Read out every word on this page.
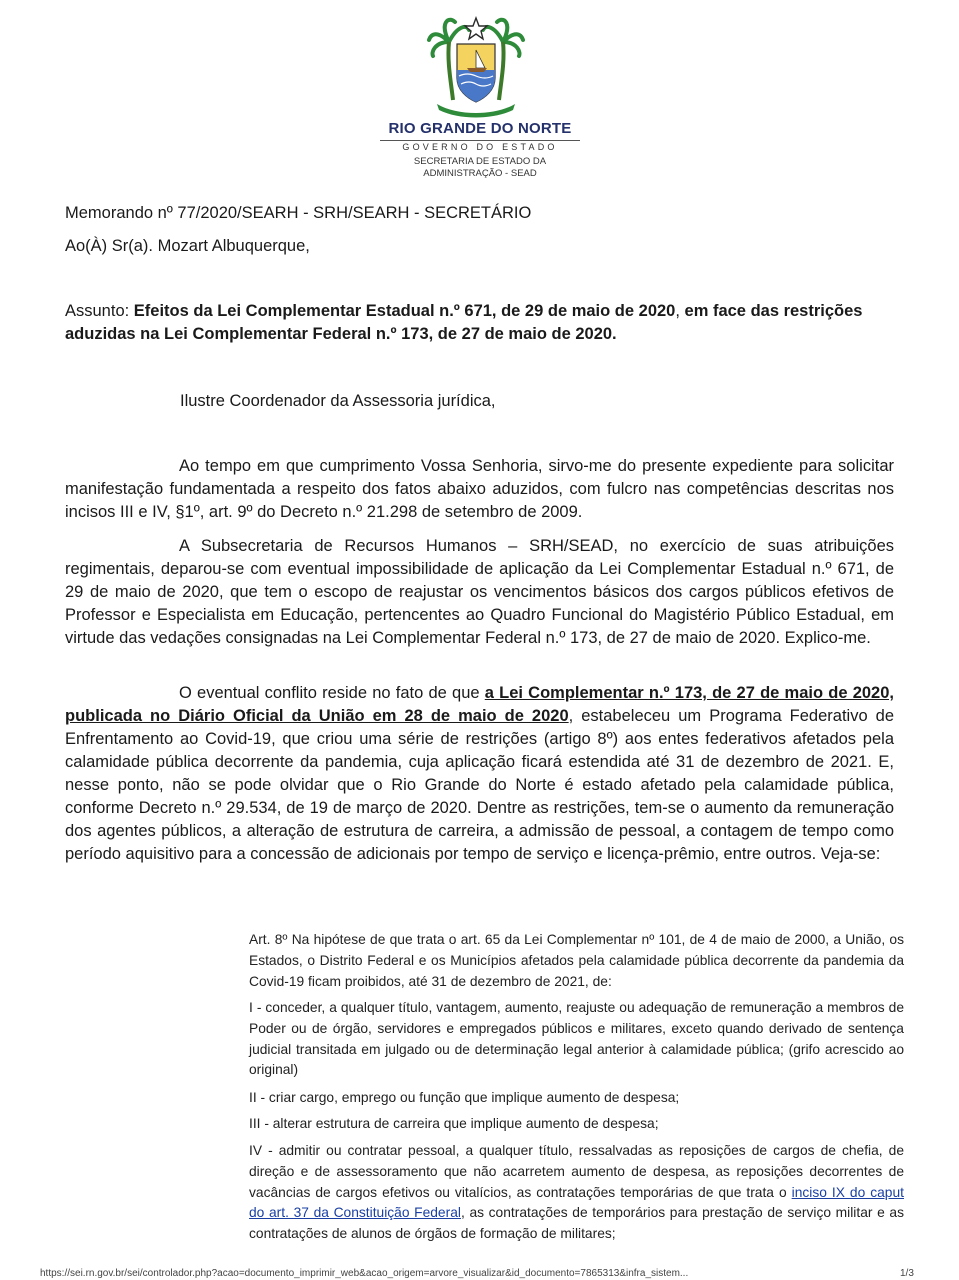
RIO GRANDE DO NORTE
GOVERNO DO ESTADO
SECRETARIA DE ESTADO DA
ADMINISTRAÇÃO - SEAD
Memorando nº 77/2020/SEARH - SRH/SEARH - SECRETÁRIO
Ao(À) Sr(a). Mozart Albuquerque,
Assunto: Efeitos da Lei Complementar Estadual n.º 671, de 29 de maio de 2020, em face das restrições
aduzidas na Lei Complementar Federal n.º 173, de 27 de maio de 2020.
Ilustre Coordenador da Assessoria jurídica,
Ao tempo em que cumprimento Vossa Senhoria, sirvo-me do presente expediente para solicitar manifestação fundamentada a respeito dos fatos abaixo aduzidos, com fulcro nas competências descritas nos incisos III e IV, §1º, art. 9º do Decreto n.º 21.298 de setembro de 2009.
A Subsecretaria de Recursos Humanos – SRH/SEAD, no exercício de suas atribuições regimentais, deparou-se com eventual impossibilidade de aplicação da Lei Complementar Estadual n.º 671, de 29 de maio de 2020, que tem o escopo de reajustar os vencimentos básicos dos cargos públicos efetivos de Professor e Especialista em Educação, pertencentes ao Quadro Funcional do Magistério Público Estadual, em virtude das vedações consignadas na Lei Complementar Federal n.º 173, de 27 de maio de 2020. Explico-me.
O eventual conflito reside no fato de que a Lei Complementar n.º 173, de 27 de maio de 2020, publicada no Diário Oficial da União em 28 de maio de 2020, estabeleceu um Programa Federativo de Enfrentamento ao Covid-19, que criou uma série de restrições (artigo 8º) aos entes federativos afetados pela calamidade pública decorrente da pandemia, cuja aplicação ficará estendida até 31 de dezembro de 2021. E, nesse ponto, não se pode olvidar que o Rio Grande do Norte é estado afetado pela calamidade pública, conforme Decreto n.º 29.534, de 19 de março de 2020. Dentre as restrições, tem-se o aumento da remuneração dos agentes públicos, a alteração de estrutura de carreira, a admissão de pessoal, a contagem de tempo como período aquisitivo para a concessão de adicionais por tempo de serviço e licença-prêmio, entre outros. Veja-se:
Art. 8º Na hipótese de que trata o art. 65 da Lei Complementar nº 101, de 4 de maio de 2000, a União, os Estados, o Distrito Federal e os Municípios afetados pela calamidade pública decorrente da pandemia da Covid-19 ficam proibidos, até 31 de dezembro de 2021, de:
I - conceder, a qualquer título, vantagem, aumento, reajuste ou adequação de remuneração a membros de Poder ou de órgão, servidores e empregados públicos e militares, exceto quando derivado de sentença judicial transitada em julgado ou de determinação legal anterior à calamidade pública; (grifo acrescido ao original)
II - criar cargo, emprego ou função que implique aumento de despesa;
III - alterar estrutura de carreira que implique aumento de despesa;
IV - admitir ou contratar pessoal, a qualquer título, ressalvadas as reposições de cargos de chefia, de direção e de assessoramento que não acarretem aumento de despesa, as reposições decorrentes de vacâncias de cargos efetivos ou vitalícios, as contratações temporárias de que trata o inciso IX do caput do art. 37 da Constituição Federal, as contratações de temporários para prestação de serviço militar e as contratações de alunos de órgãos de formação de militares;
https://sei.rn.gov.br/sei/controlador.php?acao=documento_imprimir_web&acao_origem=arvore_visualizar&id_documento=7865313&infra_sistem...	1/3
